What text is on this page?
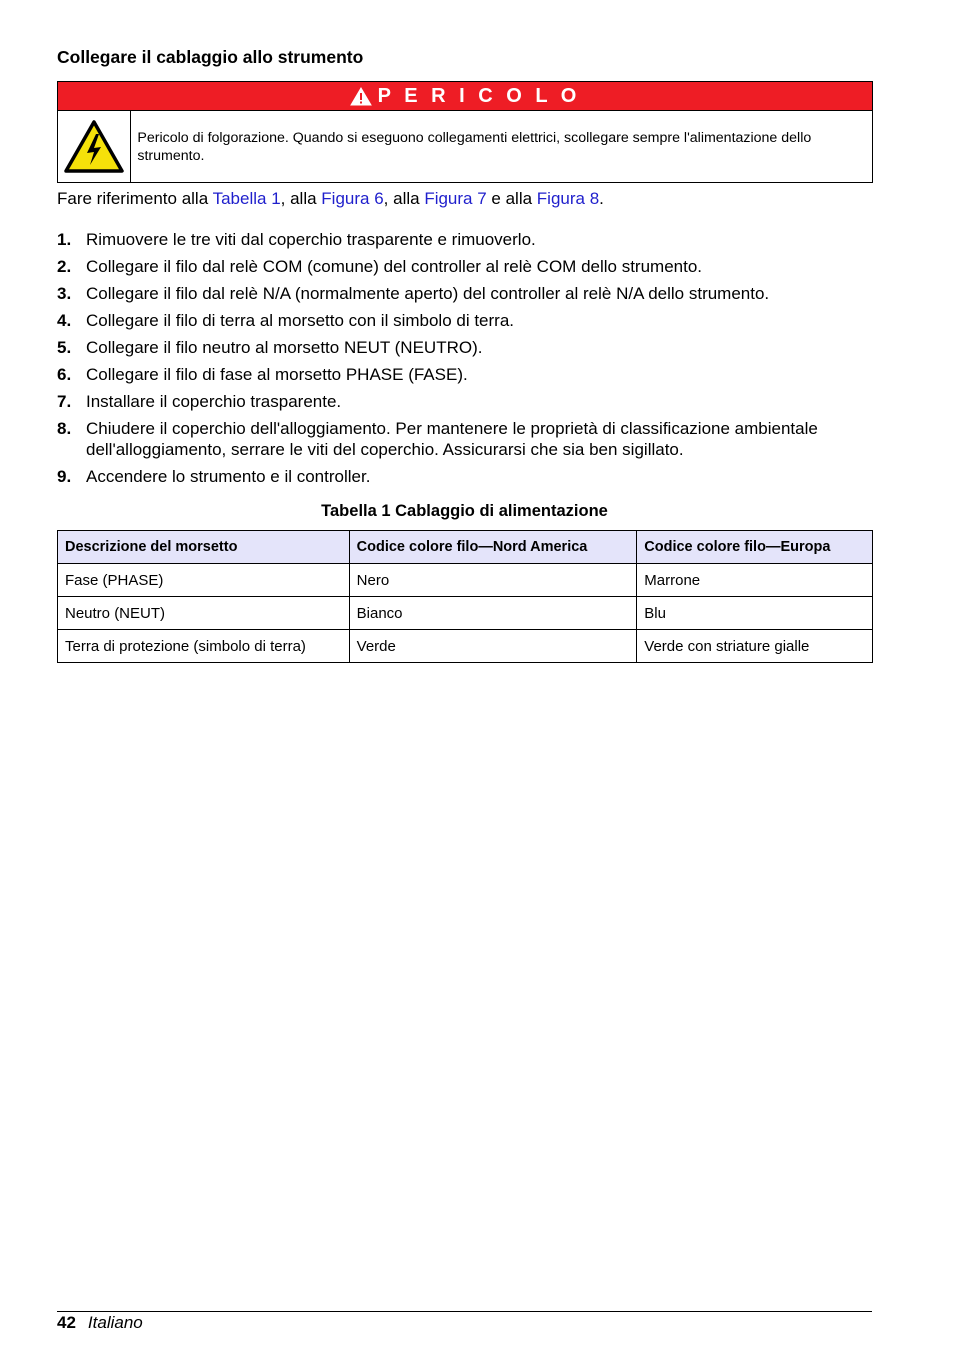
Collegare il cablaggio allo strumento
P E R I C O L O
Pericolo di folgorazione. Quando si eseguono collegamenti elettrici, scollegare sempre l'alimentazione dello strumento.
Fare riferimento alla Tabella 1, alla Figura 6, alla Figura 7 e alla Figura 8.
1. Rimuovere le tre viti dal coperchio trasparente e rimuoverlo.
2. Collegare il filo dal relè COM (comune) del controller al relè COM dello strumento.
3. Collegare il filo dal relè N/A (normalmente aperto) del controller al relè N/A dello strumento.
4. Collegare il filo di terra al morsetto con il simbolo di terra.
5. Collegare il filo neutro al morsetto NEUT (NEUTRO).
6. Collegare il filo di fase al morsetto PHASE (FASE).
7. Installare il coperchio trasparente.
8. Chiudere il coperchio dell'alloggiamento. Per mantenere le proprietà di classificazione ambientale dell'alloggiamento, serrare le viti del coperchio. Assicurarsi che sia ben sigillato.
9. Accendere lo strumento e il controller.
Tabella 1 Cablaggio di alimentazione
Descrizione del morsetto	Codice colore filo—Nord America	Codice colore filo—Europa
Fase (PHASE)	Nero	Marrone
Neutro (NEUT)	Bianco	Blu
Terra di protezione (simbolo di terra)	Verde	Verde con striature gialle
42 Italiano
